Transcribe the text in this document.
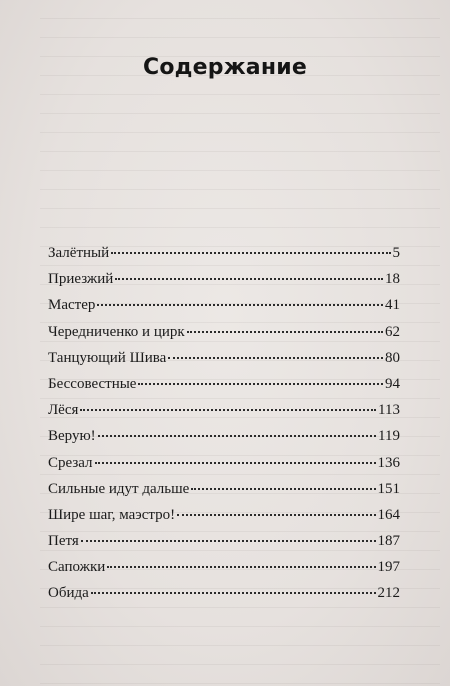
Содержание
Залётный	5
Приезжий	18
Мастер	41
Чередниченко и цирк	62
Танцующий Шива	80
Бессовестные	94
Лёся	113
Верую!	119
Срезал	136
Сильные идут дальше	151
Шире шаг, маэстро!	164
Петя	187
Сапожки	197
Обида	212
